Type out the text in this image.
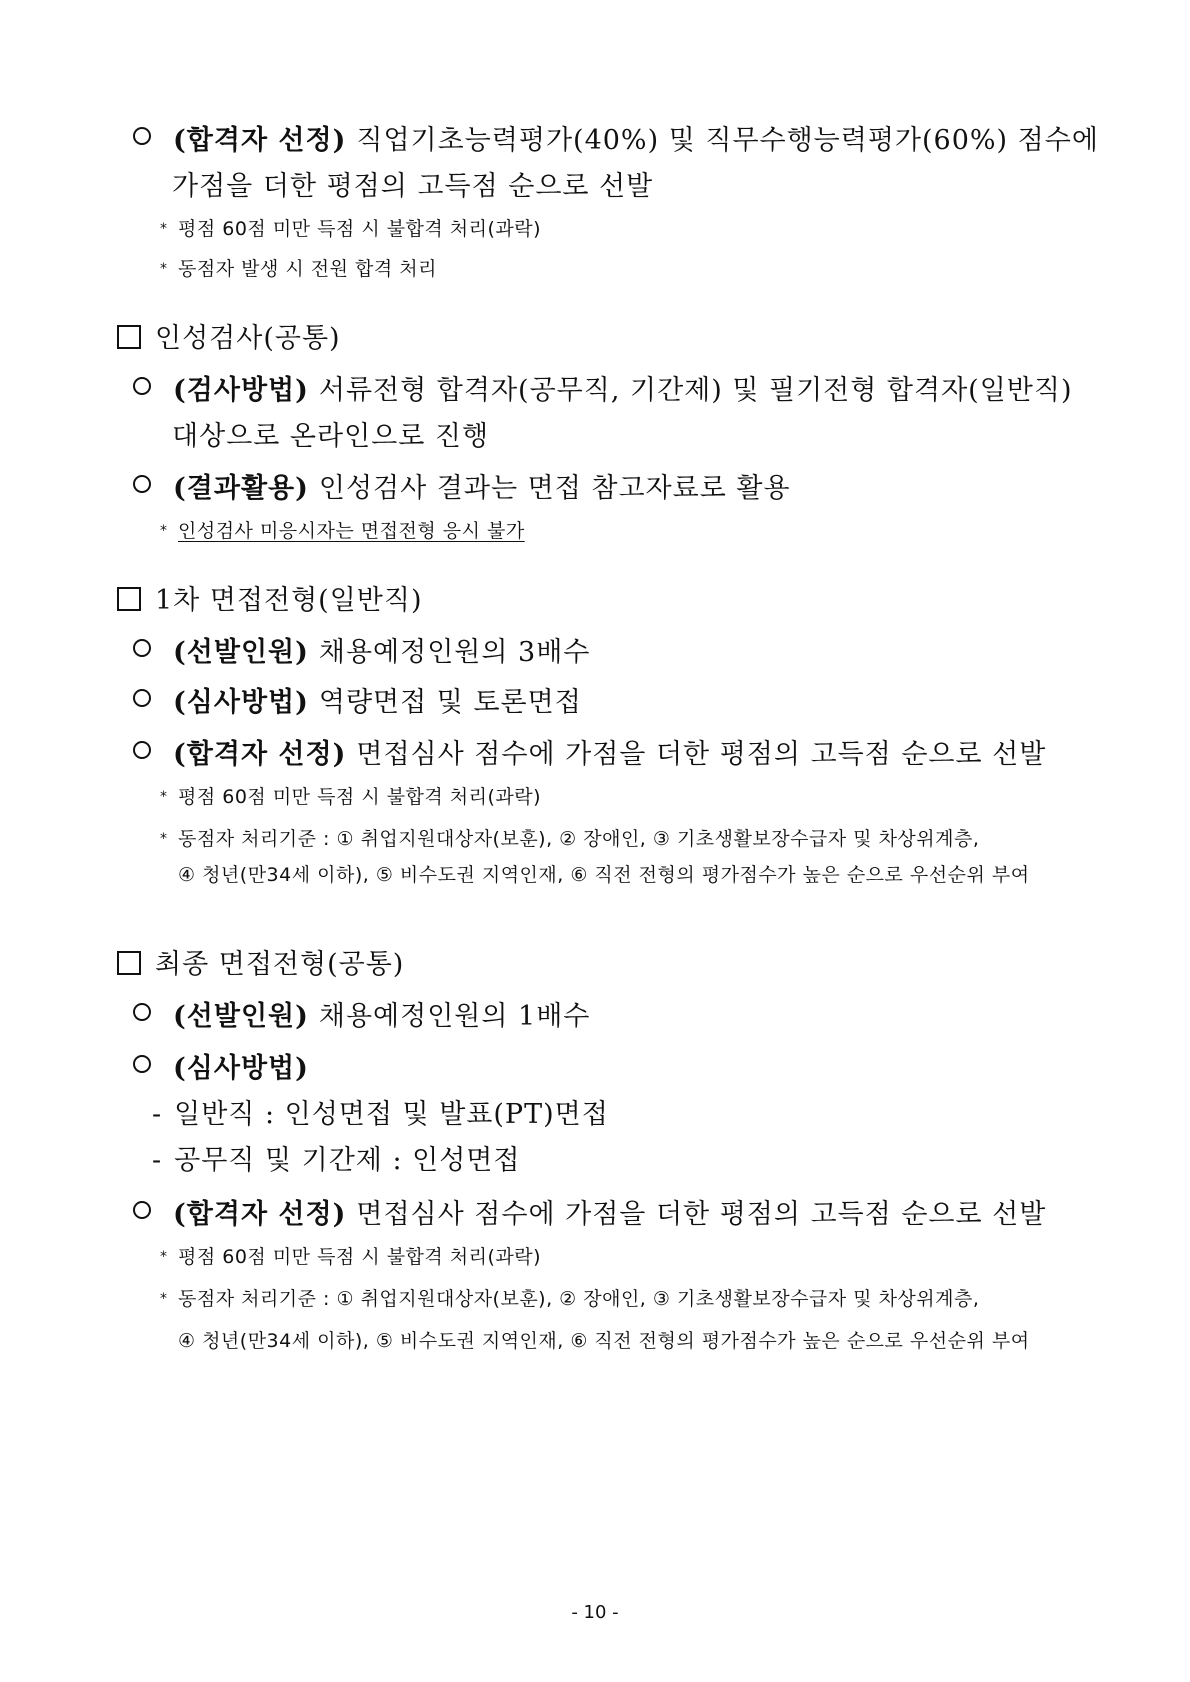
(합격자 선정) 직업기초능력평가(40%) 및 직무수행능력평가(60%) 점수에
가점을 더한 평점의 고득점 순으로 선발
* 평점 60점 미만 득점 시 불합격 처리(과락)
* 동점자 발생 시 전원 합격 처리
인성검사(공통)
(검사방법) 서류전형 합격자(공무직, 기간제) 및 필기전형 합격자(일반직)
대상으로 온라인으로 진행
(결과활용) 인성검사 결과는 면접 참고자료로 활용
* 인성검사 미응시자는 면접전형 응시 불가
1차 면접전형(일반직)
(선발인원) 채용예정인원의 3배수
(심사방법) 역량면접 및 토론면접
(합격자 선정) 면접심사 점수에 가점을 더한 평점의 고득점 순으로 선발
* 평점 60점 미만 득점 시 불합격 처리(과락)
* 동점자 처리기준 : ① 취업지원대상자(보훈), ② 장애인, ③ 기초생활보장수급자 및 차상위계층,
④ 청년(만34세 이하), ⑤ 비수도권 지역인재, ⑥ 직전 전형의 평가점수가 높은 순으로 우선순위 부여
최종 면접전형(공통)
(선발인원) 채용예정인원의 1배수
(심사방법)
- 일반직 : 인성면접 및 발표(PT)면접
- 공무직 및 기간제 : 인성면접
(합격자 선정) 면접심사 점수에 가점을 더한 평점의 고득점 순으로 선발
* 평점 60점 미만 득점 시 불합격 처리(과락)
* 동점자 처리기준 : ① 취업지원대상자(보훈), ② 장애인, ③ 기초생활보장수급자 및 차상위계층,
④ 청년(만34세 이하), ⑤ 비수도권 지역인재, ⑥ 직전 전형의 평가점수가 높은 순으로 우선순위 부여
- 10 -
